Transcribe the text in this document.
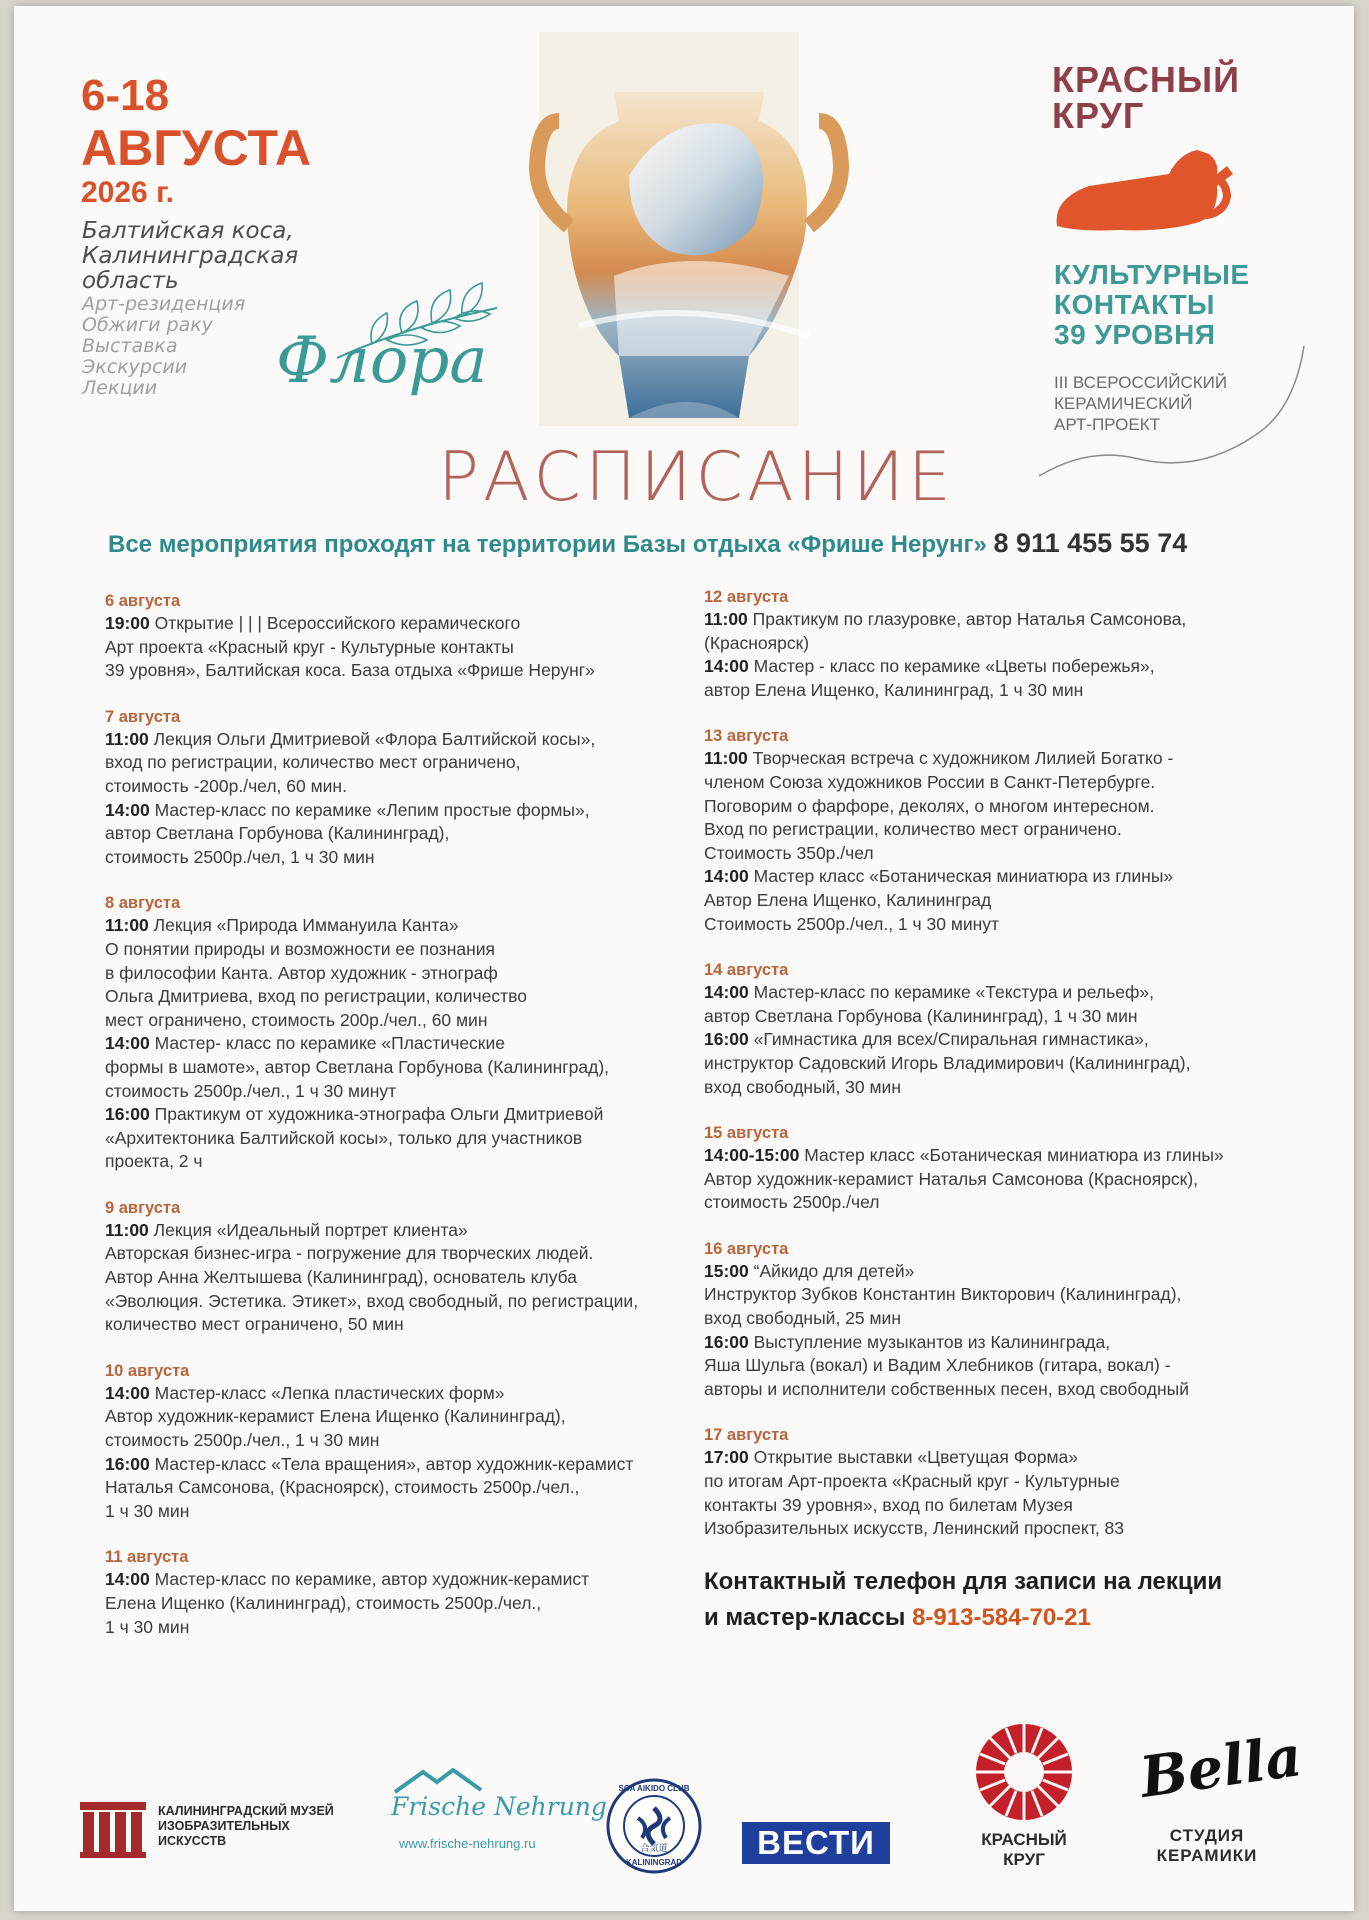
6-18
АВГУСТА
2026 г.
Балтийская коса,
Калининградская
область
Арт-резиденция
Обжиги раку
Выставка
Экскурсии
Лекции	Флора
КРАСНЫЙ
КРУГ
КУЛЬТУРНЫЕ
КОНТАКТЫ
39 УРОВНЯ
III ВСЕРОССИЙСКИЙ
КЕРАМИЧЕСКИЙ
АРТ-ПРОЕКТ
РАСПИСАНИЕ
Все мероприятия проходят на территории Базы отдыха «Фрише Нерунг» 8 911 455 55 74
6 августа
19:00 Открытие | | | Всероссийского керамического
Арт проекта «Красный круг - Культурные контакты
39 уровня», Балтийская коса. База отдыха «Фрише Нерунг»
7 августа
11:00 Лекция Ольги Дмитриевой «Флора Балтийской косы»,
вход по регистрации, количество мест ограничено,
стоимость -200р./чел, 60 мин.
14:00 Мастер-класс по керамике «Лепим простые формы»,
автор Светлана Горбунова (Калининград),
стоимость 2500р./чел, 1 ч 30 мин
8 августа
11:00 Лекция «Природа Иммануила Канта»
О понятии природы и возможности ее познания
в философии Канта. Автор художник - этнограф
Ольга Дмитриева, вход по регистрации, количество
мест ограничено, стоимость 200р./чел., 60 мин
14:00 Мастер- класс по керамике «Пластические
формы в шамоте», автор Светлана Горбунова (Калининград),
стоимость 2500р./чел., 1 ч 30 минут
16:00 Практикум от художника-этнографа Ольги Дмитриевой
«Архитектоника Балтийской косы», только для участников
проекта, 2 ч
9 августа
11:00 Лекция «Идеальный портрет клиента»
Авторская бизнес-игра - погружение для творческих людей.
Автор Анна Желтышева (Калининград), основатель клуба
«Эволюция. Эстетика. Этикет», вход свободный, по регистрации,
количество мест ограничено, 50 мин
10 августа
14:00 Мастер-класс «Лепка пластических форм»
Автор художник-керамист Елена Ищенко (Калининград),
стоимость 2500р./чел., 1 ч 30 мин
16:00 Мастер-класс «Тела вращения», автор художник-керамист
Наталья Самсонова, (Красноярск), стоимость 2500р./чел.,
1 ч 30 мин
11 августа
14:00 Мастер-класс по керамике, автор художник-керамист
Елена Ищенко (Калининград), стоимость 2500р./чел.,
1 ч 30 мин
12 августа
11:00 Практикум по глазуровке, автор Наталья Самсонова,
(Красноярск)
14:00 Мастер - класс по керамике «Цветы побережья»,
автор Елена Ищенко, Калининград, 1 ч 30 мин
13 августа
11:00 Творческая встреча с художником Лилией Богатко -
членом Союза художников России в Санкт-Петербурге.
Поговорим о фарфоре, деколях, о многом интересном.
Вход по регистрации, количество мест ограничено.
Стоимость 350р./чел
14:00 Мастер класс «Ботаническая миниатюра из глины»
Автор Елена Ищенко, Калининград
Стоимость 2500р./чел., 1 ч 30 минут
14 августа
14:00 Мастер-класс по керамике «Текстура и рельеф»,
автор Светлана Горбунова (Калининград), 1 ч 30 мин
16:00 «Гимнастика для всех/Спиральная гимнастика»,
инструктор Садовский Игорь Владимирович (Калининград),
вход свободный, 30 мин
15 августа
14:00-15:00 Мастер класс «Ботаническая миниатюра из глины»
Автор художник-керамист Наталья Самсонова (Красноярск),
стоимость 2500р./чел
16 августа
15:00 “Айкидо для детей»
Инструктор Зубков Константин Викторович (Калининград),
вход свободный, 25 мин
16:00 Выступление музыкантов из Калининграда,
Яша Шульга (вокал) и Вадим Хлебников (гитара, вокал) -
авторы и исполнители собственных песен, вход свободный
17 августа
17:00 Открытие выставки «Цветущая Форма»
по итогам Арт-проекта «Красный круг - Культурные
контакты 39 уровня», вход по билетам Музея
Изобразительных искусств, Ленинский проспект, 83
Контактный телефон для записи на лекции
и мастер-классы 8-913-584-70-21
КАЛИНИНГРАДСКИЙ МУЗЕЙ
ИЗОБРАЗИТЕЛЬНЫХ
ИСКУССТВ
Frische Nehrung
www.frische-nehrung.ru
SCA AIKIDO CLUB
合気道
KALININGRAD
ВЕСТИ	КРАСНЫЙ
КРУГ
Bella
СТУДИЯ
КЕРАМИКИ
